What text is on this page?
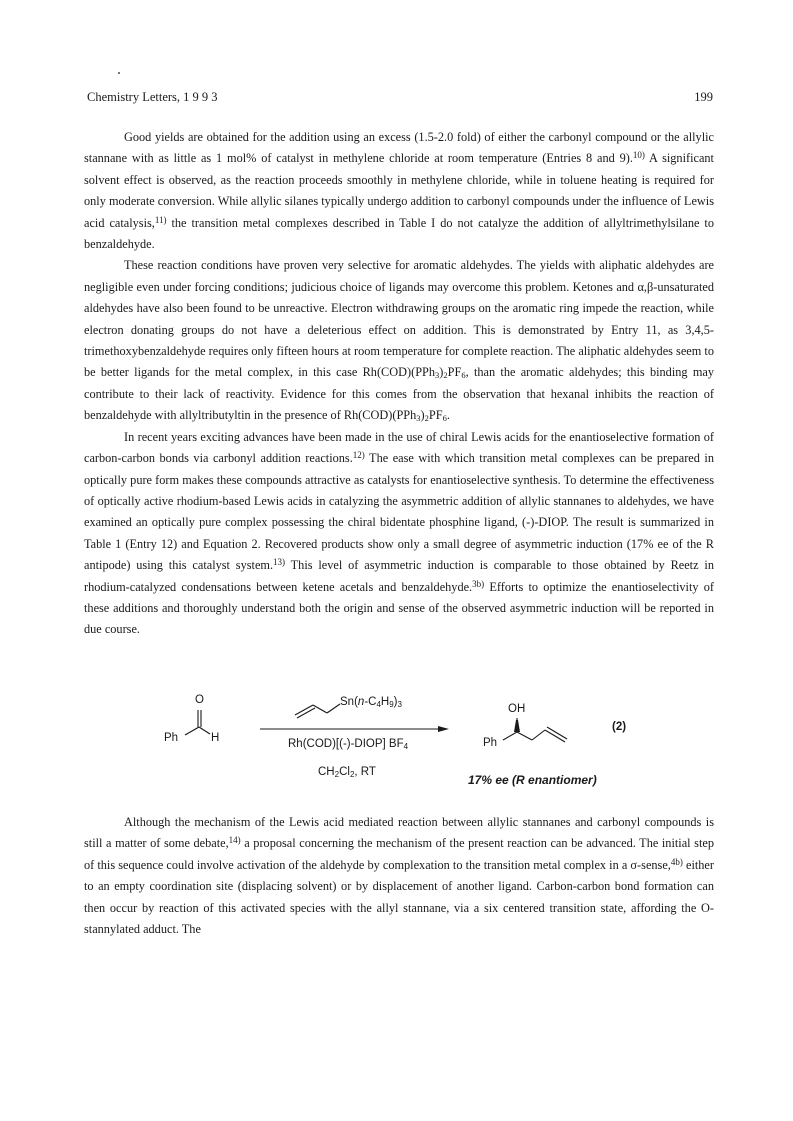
Chemistry Letters, 1 9 9 3	199

Good yields are obtained for the addition using an excess (1.5-2.0 fold) of either the carbonyl compound or the allylic stannane with as little as 1 mol% of catalyst in methylene chloride at room temperature (Entries 8 and 9).$^{10)}$ A significant solvent effect is observed, as the reaction proceeds smoothly in methylene chloride, while in toluene heating is required for only moderate conversion. While allylic silanes typically undergo addition to carbonyl compounds under the influence of Lewis acid catalysis,$^{11)}$ the transition metal complexes described in Table I do not catalyze the addition of allyltrimethylsilane to benzaldehyde.

These reaction conditions have proven very selective for aromatic aldehydes. The yields with aliphatic aldehydes are negligible even under forcing conditions; judicious choice of ligands may overcome this problem. Ketones and α,β-unsaturated aldehydes have also been found to be unreactive. Electron withdrawing groups on the aromatic ring impede the reaction, while electron donating groups do not have a deleterious effect on addition. This is demonstrated by Entry 11, as 3,4,5-trimethoxybenzaldehyde requires only fifteen hours at room temperature for complete reaction. The aliphatic aldehydes seem to be better ligands for the metal complex, in this case $Rh(COD)(PPh_3)_2PF_6$, than the aromatic aldehydes; this binding may contribute to their lack of reactivity. Evidence for this comes from the observation that hexanal inhibits the reaction of benzaldehyde with allyltributyltin in the presence of $Rh(COD)(PPh_3)_2PF_6$.

In recent years exciting advances have been made in the use of chiral Lewis acids for the enantioselective formation of carbon-carbon bonds via carbonyl addition reactions.$^{12)}$ The ease with which transition metal complexes can be prepared in optically pure form makes these compounds attractive as catalysts for enantioselective synthesis. To determine the effectiveness of optically active rhodium-based Lewis acids in catalyzing the asymmetric addition of allylic stannanes to aldehydes, we have examined an optically pure complex possessing the chiral bidentate phosphine ligand, (-)-DIOP. The result is summarized in Table 1 (Entry 12) and Equation 2. Recovered products show only a small degree of asymmetric induction (17% ee of the R antipode) using this catalyst system.$^{13)}$ This level of asymmetric induction is comparable to those obtained by Reetz in rhodium-catalyzed condensations between ketene acetals and benzaldehyde.$^{3b)}$ Efforts to optimize the enantioselectivity of these additions and thoroughly understand both the origin and sense of the observed asymmetric induction will be reported in due course.

O
Ph	H
$Sn(n-C_4H_9)_3$
Rh(COD)[(-)-DIOP] $BF_4$
$CH_2Cl_2$, RT
OH
Ph
(2)
17% ee (R enantiomer)

Although the mechanism of the Lewis acid mediated reaction between allylic stannanes and carbonyl compounds is still a matter of some debate,$^{14)}$ a proposal concerning the mechanism of the present reaction can be advanced. The initial step of this sequence could involve activation of the aldehyde by complexation to the transition metal complex in a σ-sense,$^{4b)}$ either to an empty coordination site (displacing solvent) or by displacement of another ligand. Carbon-carbon bond formation can then occur by reaction of this activated species with the allyl stannane, via a six centered transition state, affording the O-stannylated adduct. The
